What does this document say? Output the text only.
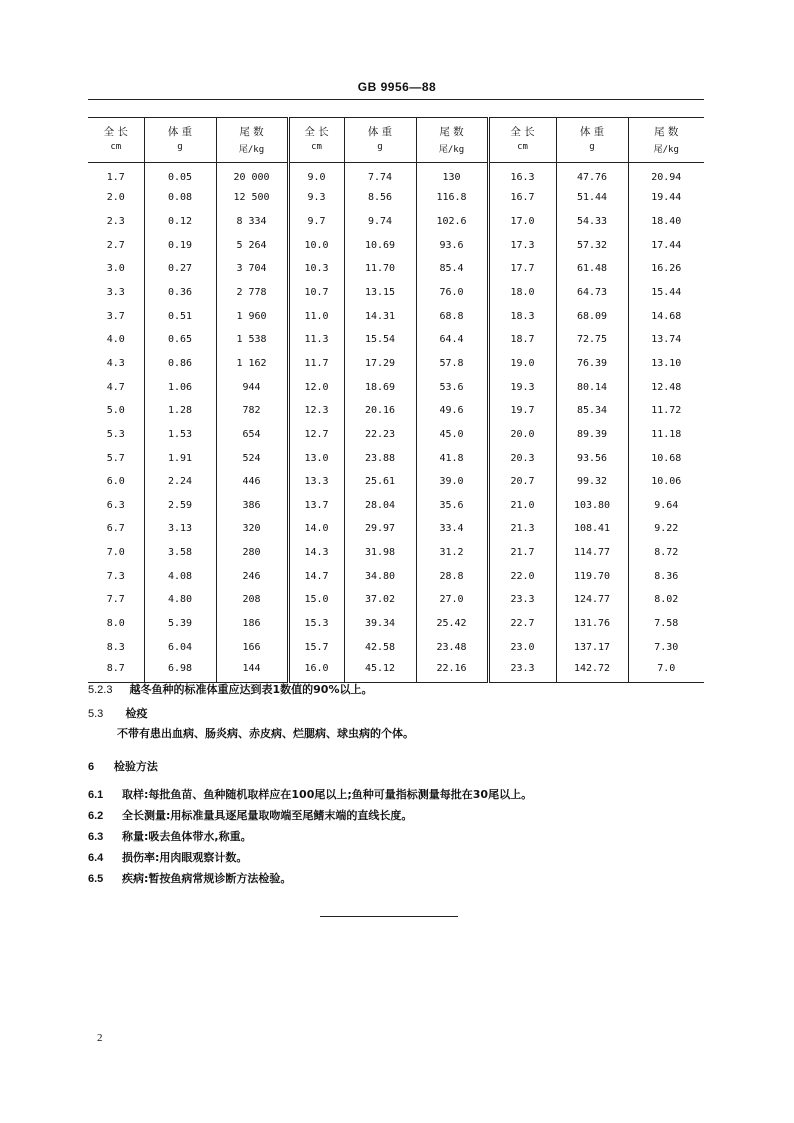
GB 9956—88
全 长	体 重	尾 数	全 长	体 重	尾 数	全 长	体 重	尾 数
cm	g	尾/kg	cm	g	尾/kg	cm	g	尾/kg
1.7	0.05	20 000	9.0	7.74	130	16.3	47.76	20.94
2.0	0.08	12 500	9.3	8.56	116.8	16.7	51.44	19.44
2.3	0.12	8 334	9.7	9.74	102.6	17.0	54.33	18.40
2.7	0.19	5 264	10.0	10.69	93.6	17.3	57.32	17.44
3.0	0.27	3 704	10.3	11.70	85.4	17.7	61.48	16.26
3.3	0.36	2 778	10.7	13.15	76.0	18.0	64.73	15.44
3.7	0.51	1 960	11.0	14.31	68.8	18.3	68.09	14.68
4.0	0.65	1 538	11.3	15.54	64.4	18.7	72.75	13.74
4.3	0.86	1 162	11.7	17.29	57.8	19.0	76.39	13.10
4.7	1.06	944	12.0	18.69	53.6	19.3	80.14	12.48
5.0	1.28	782	12.3	20.16	49.6	19.7	85.34	11.72
5.3	1.53	654	12.7	22.23	45.0	20.0	89.39	11.18
5.7	1.91	524	13.0	23.88	41.8	20.3	93.56	10.68
6.0	2.24	446	13.3	25.61	39.0	20.7	99.32	10.06
6.3	2.59	386	13.7	28.04	35.6	21.0	103.80	9.64
6.7	3.13	320	14.0	29.97	33.4	21.3	108.41	9.22
7.0	3.58	280	14.3	31.98	31.2	21.7	114.77	8.72
7.3	4.08	246	14.7	34.80	28.8	22.0	119.70	8.36
7.7	4.80	208	15.0	37.02	27.0	23.3	124.77	8.02
8.0	5.39	186	15.3	39.34	25.42	22.7	131.76	7.58
8.3	6.04	166	15.7	42.58	23.48	23.0	137.17	7.30
8.7	6.98	144	16.0	45.12	22.16	23.3	142.72	7.0
5.2.3 越冬鱼种的标准体重应达到表1数值的90%以上。
5.3 检疫
不带有患出血病、肠炎病、赤皮病、烂腮病、球虫病的个体。
6 检验方法
6.1 取样:每批鱼苗、鱼种随机取样应在100尾以上;鱼种可量指标测量每批在30尾以上。
6.2 全长测量:用标准量具逐尾量取吻端至尾鳍末端的直线长度。
6.3 称量:吸去鱼体带水,称重。
6.4 损伤率:用肉眼观察计数。
6.5 疾病:暂按鱼病常规诊断方法检验。
2
